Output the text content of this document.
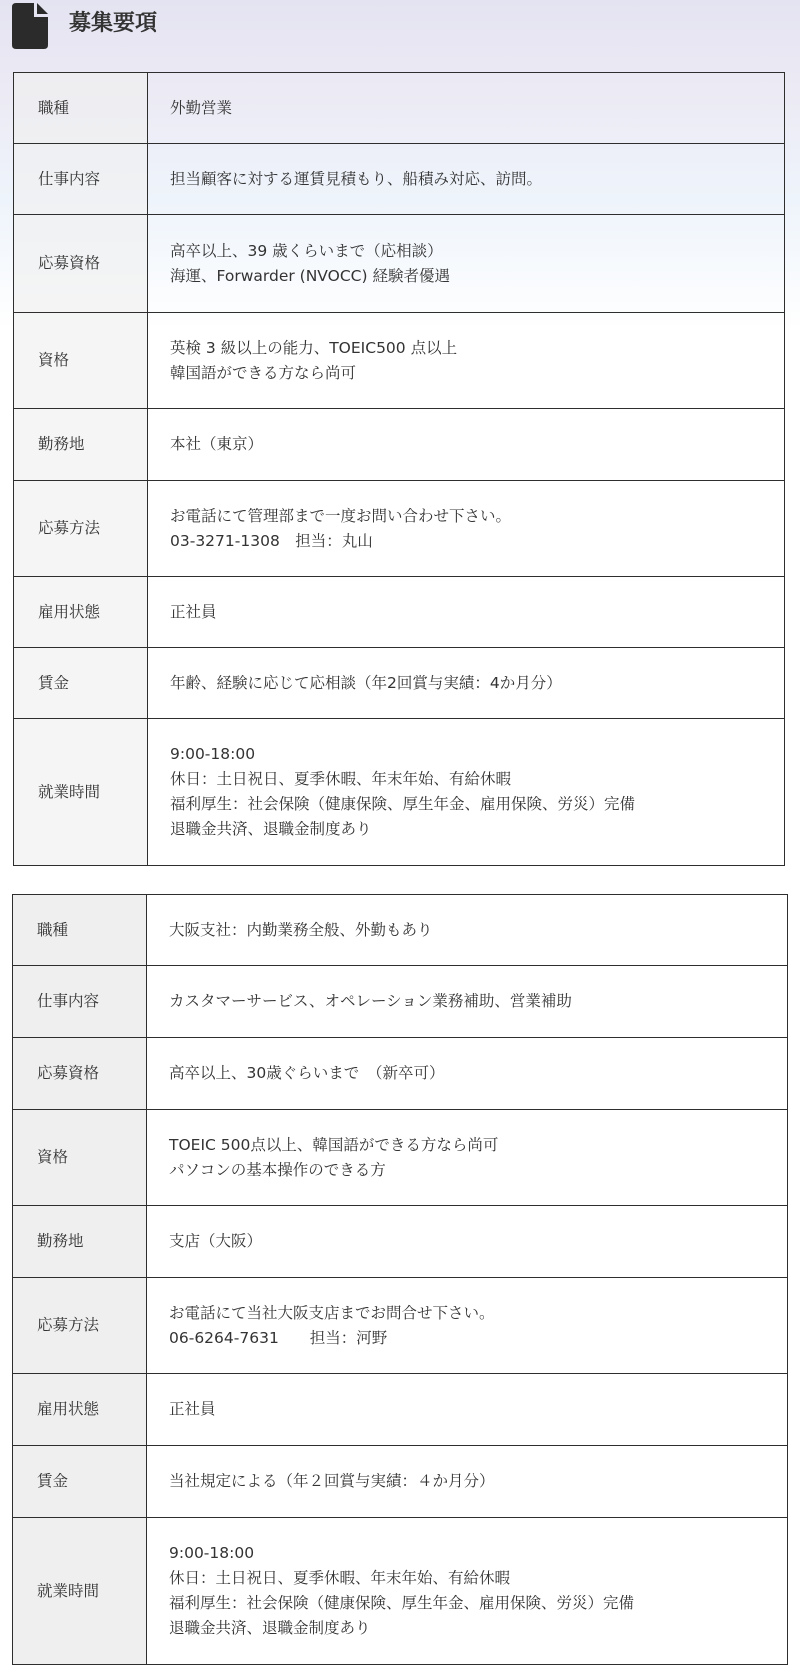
募集要項
職種	外勤営業

仕事内容	担当顧客に対する運賃見積もり、船積み対応、訪問。

応募資格	高卒以上、39 歳くらいまで（応相談）
海運、Forwarder (NVOCC) 経験者優遇

資格	英検 3 級以上の能力、TOEIC500 点以上
韓国語ができる方なら尚可

勤務地	本社（東京）

応募方法	お電話にて管理部まで一度お問い合わせ下さい。
03-3271-1308　担当：丸山

雇用状態	正社員

賃金	年齢、経験に応じて応相談（年2回賞与実績：4か月分）

就業時間	9:00-18:00
休日：土日祝日、夏季休暇、年末年始、有給休暇
福利厚生：社会保険（健康保険、厚生年金、雇用保険、労災）完備
退職金共済、退職金制度あり
職種	大阪支社：内勤業務全般、外勤もあり

仕事内容	カスタマーサービス、オペレーション業務補助、営業補助

応募資格	高卒以上、30歳ぐらいまで　（新卒可）

資格	TOEIC 500点以上、韓国語ができる方なら尚可
パソコンの基本操作のできる方

勤務地	支店（大阪）

応募方法	お電話にて当社大阪支店までお問合せ下さい。
06-6264-7631　　担当：河野

雇用状態	正社員

賃金	当社規定による（年２回賞与実績：４か月分）

就業時間	9:00-18:00
休日：土日祝日、夏季休暇、年末年始、有給休暇
福利厚生：社会保険（健康保険、厚生年金、雇用保険、労災）完備
退職金共済、退職金制度あり
